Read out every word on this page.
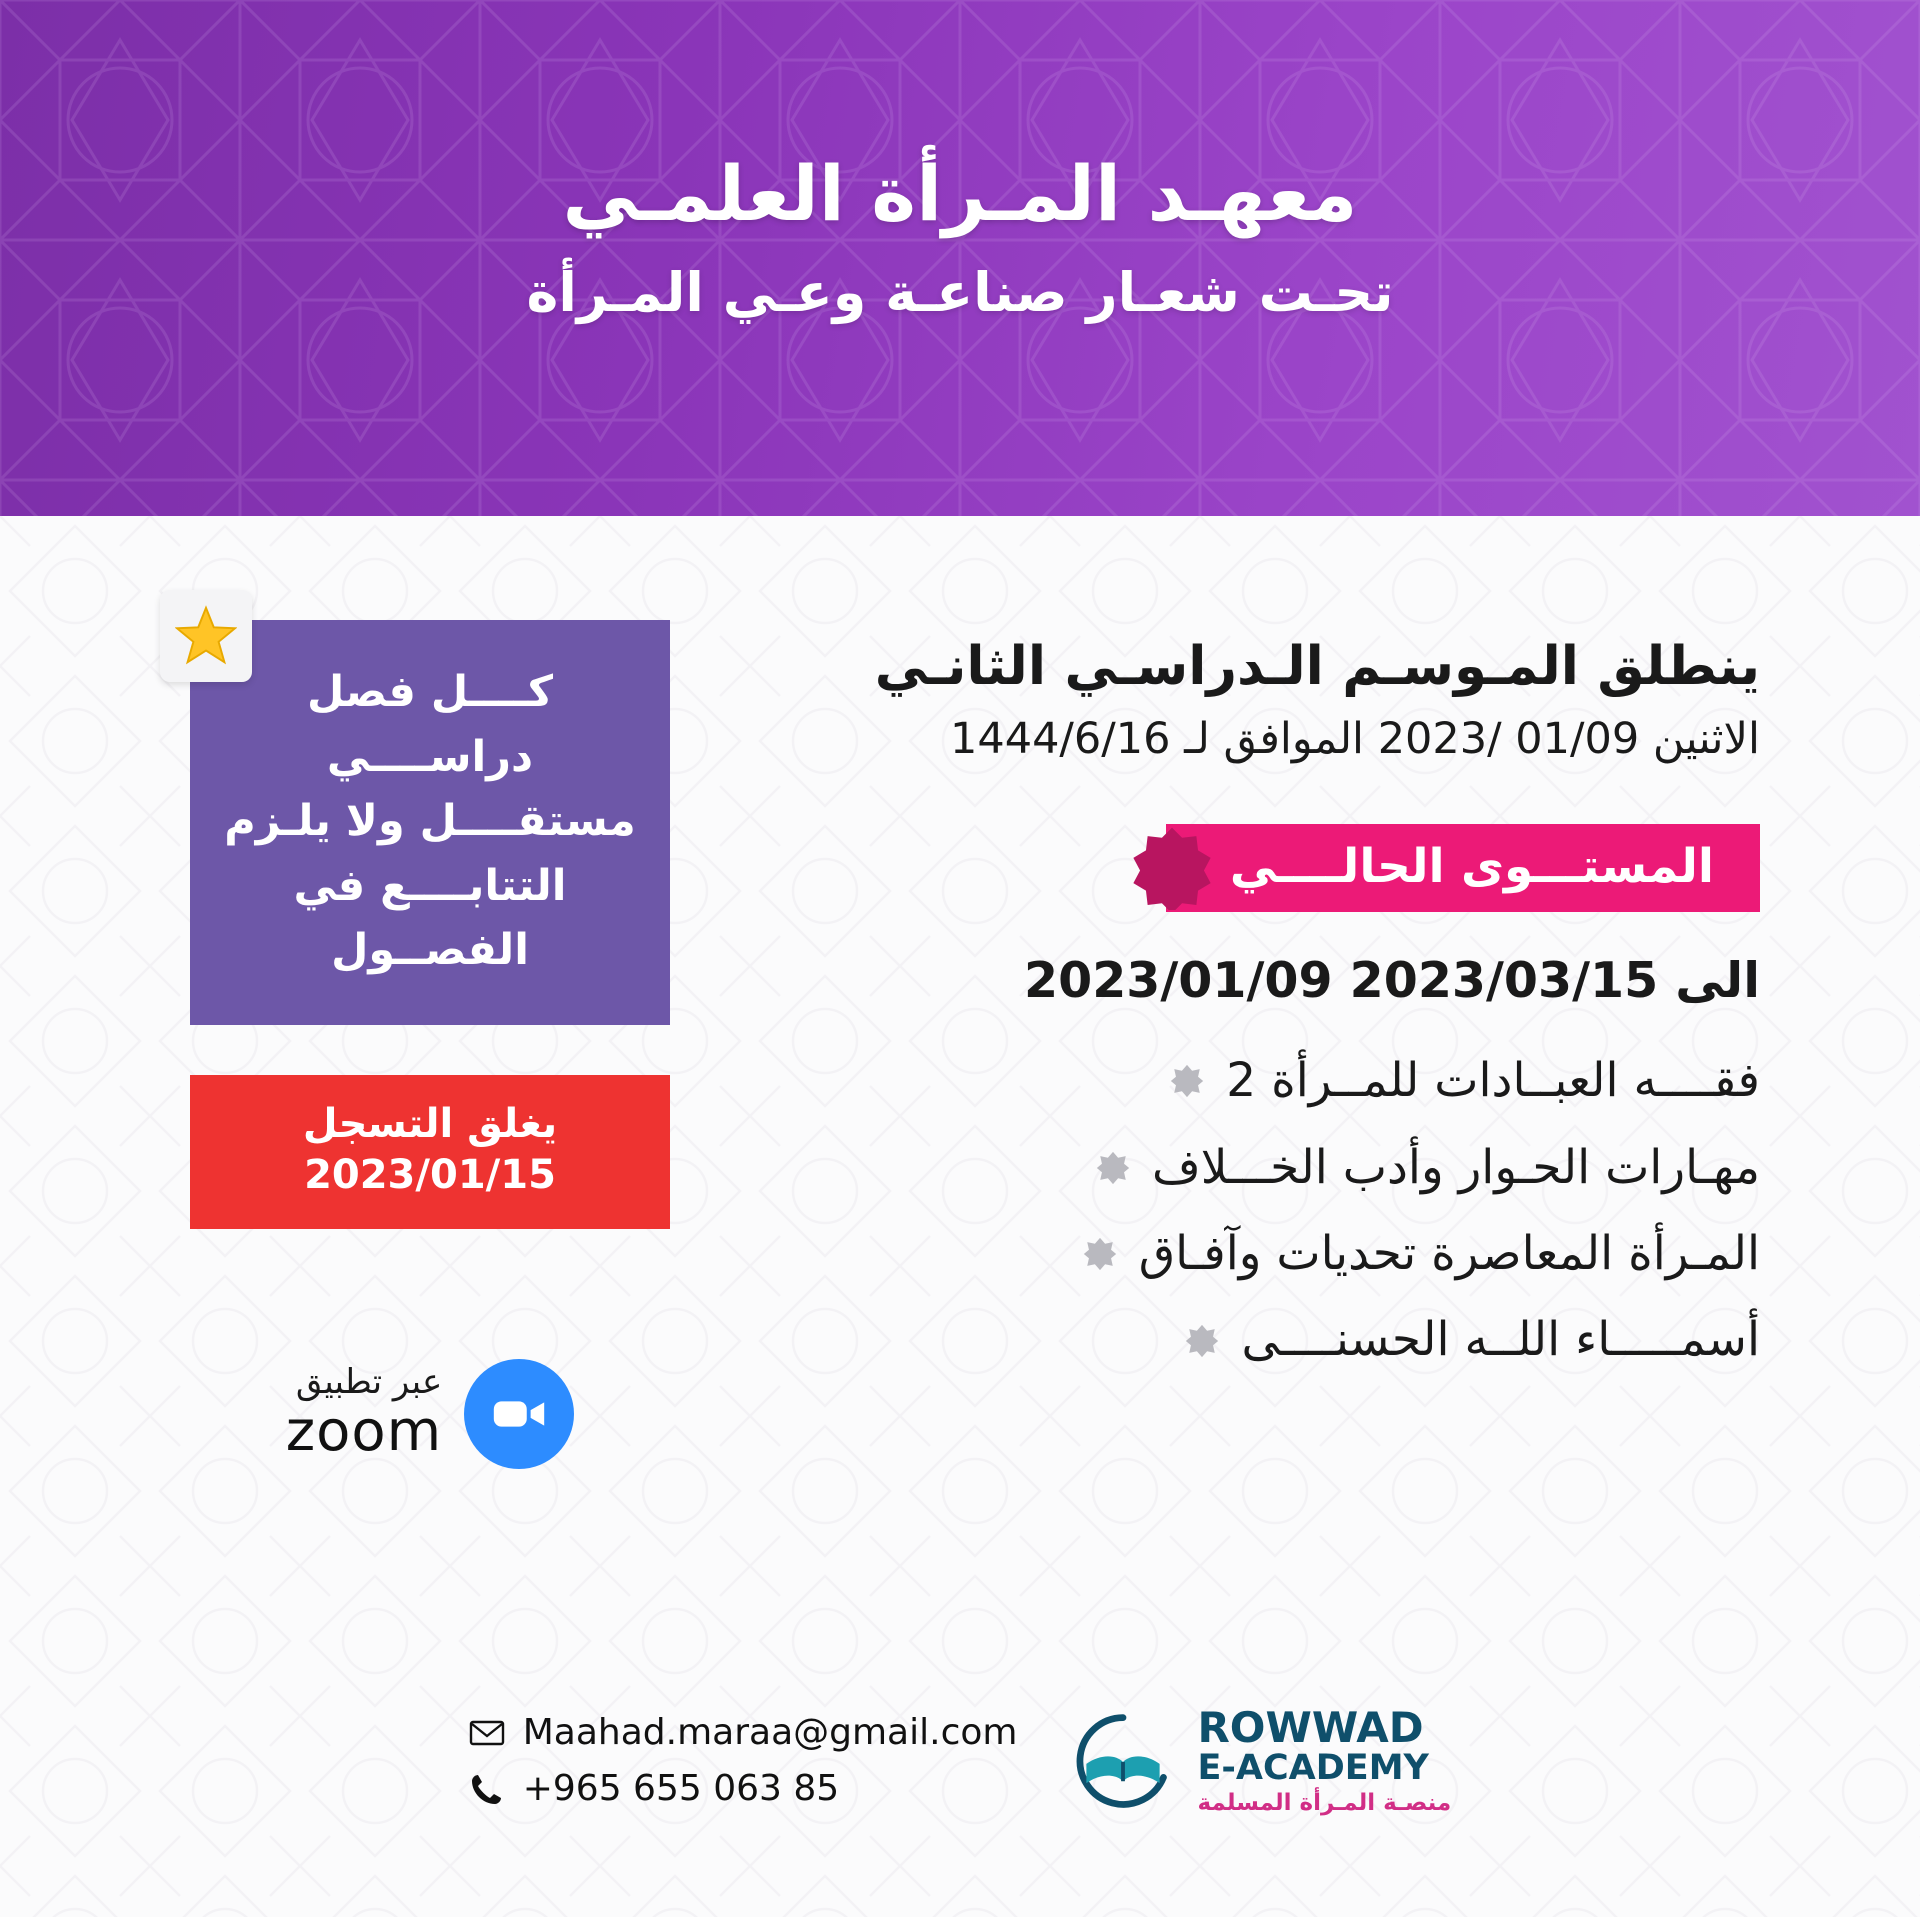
معهـد المـرأة العلمـي
تحـت شعـار صناعـة وعـي المـرأة
ينطلق المـوسـم الـدراسـي الثانـي
الاثنين 01/09 /2023 الموافق لـ 1444/6/16
المستـــوى الحالــــي
2023/01/09 الى 2023/03/15
فقــــه العبــادات للمــرأة 2
مهـارات الحـوار وأدب الخـــلاف
المـرأة المعاصرة تحديات وآفـاق
أسمـــــاء اللــه الحسنــــى
كــــل فصل دراســــي مستقــــل ولا يلـزم التتابــــع في الفصــول
يغلق التسجل
2023/01/15
عبر تطبيق
zoom
ROWWAD
E-ACADEMY
منصـة المـرأة المسلمة
Maahad.maraa@gmail.com
+965 655 063 85
